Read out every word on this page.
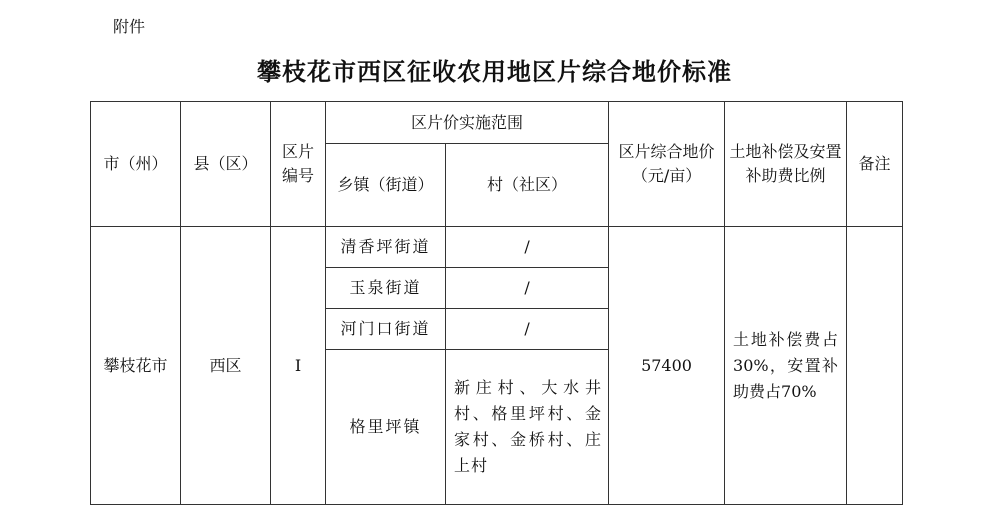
附件
攀枝花市西区征收农用地区片综合地价标准
市（州）	县（区）	区片编号	区片价实施范围		区片综合地价（元/亩）	土地补偿及安置补助费比例	备注
			乡镇（街道）	村（社区）			
攀枝花市	西区	I	清香坪街道	/	57400	土地补偿费占30%，安置补助费占70%	
			玉泉街道	/			
			河门口街道	/			
			格里坪镇	新庄村、大水井村、格里坪村、金家村、金桥村、庄上村			
